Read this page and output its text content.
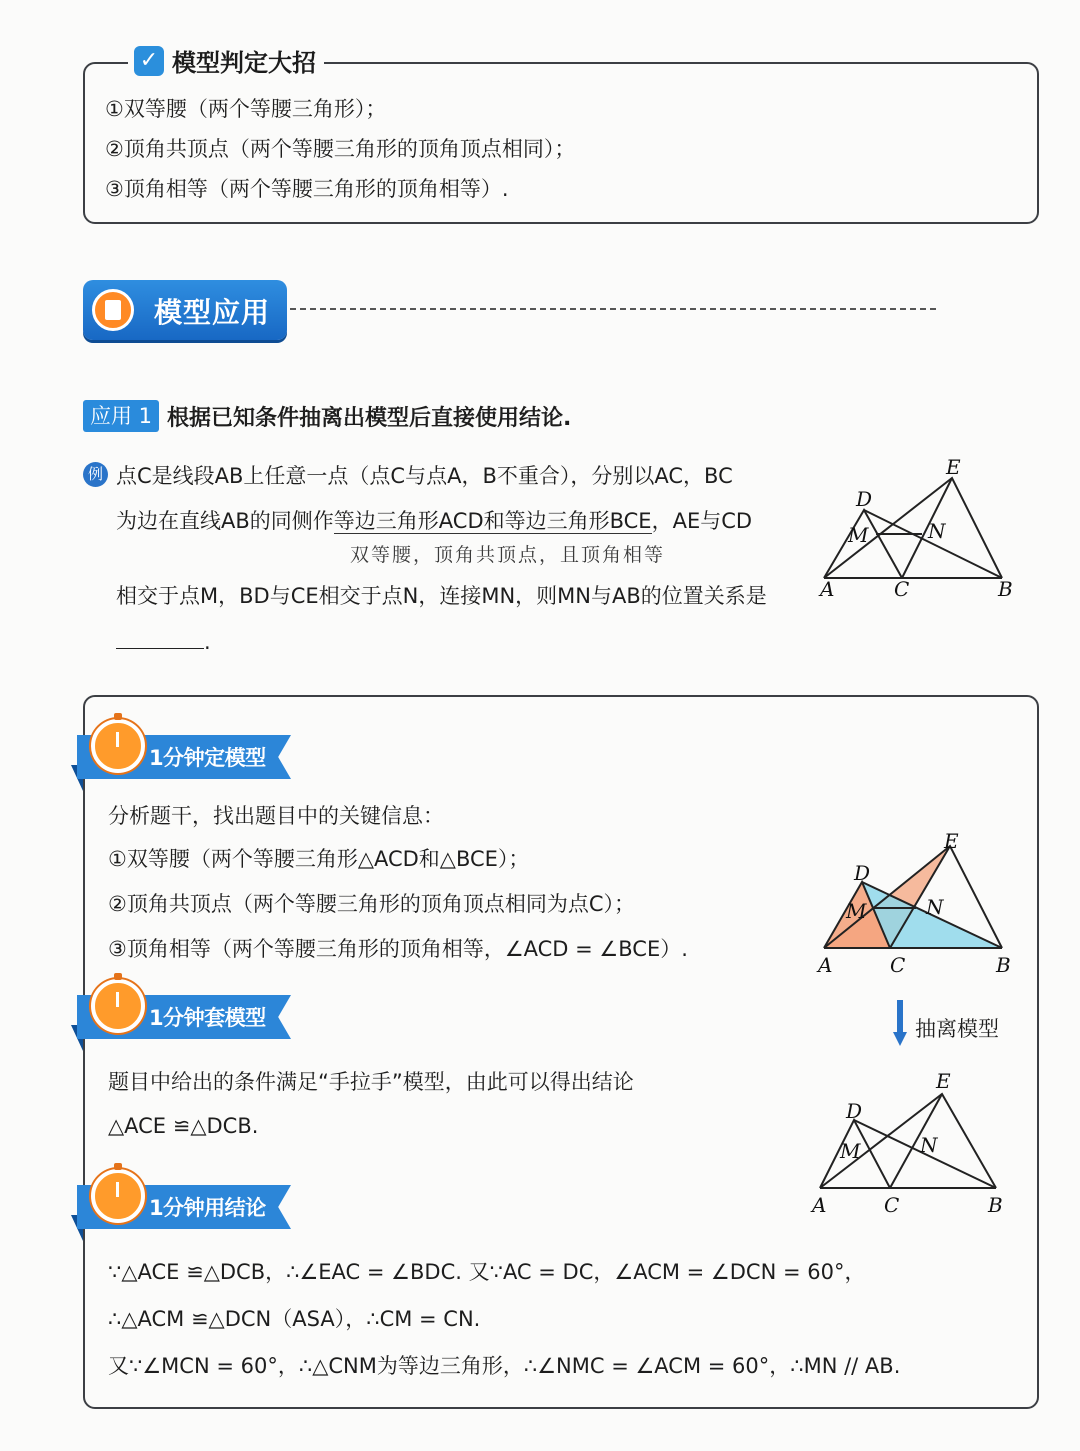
✓ 模型判定大招
①双等腰（两个等腰三角形）；
②顶角共顶点（两个等腰三角形的顶角顶点相同）；
③顶角相等（两个等腰三角形的顶角相等）.
模型应用
应用 1 根据已知条件抽离出模型后直接使用结论.
例 点C是线段AB上任意一点（点C与点A，B不重合），分别以AC，BC
为边在直线AB的同侧作等边三角形ACD和等边三角形BCE，AE与CD
双等腰，顶角共顶点，且顶角相等
相交于点M，BD与CE相交于点N，连接MN，则MN与AB的位置关系是
.
A	C	B
D
E
M	N
1分钟定模型
分析题干，找出题目中的关键信息：
①双等腰（两个等腰三角形△ACD和△BCE）；
②顶角共顶点（两个等腰三角形的顶角顶点相同为点C）；
③顶角相等（两个等腰三角形的顶角相等，∠ACD = ∠BCE）.
A	C	B
D
E
M	N
抽离模型
1分钟套模型
题目中给出的条件满足“手拉手”模型，由此可以得出结论
△ACE ≌△DCB.
A	C	B
D
E
M	N
1分钟用结论
∵△ACE ≌△DCB，∴∠EAC = ∠BDC. 又∵AC = DC，∠ACM = ∠DCN = 60°，
∴△ACM ≌△DCN（ASA），∴CM = CN.
又∵∠MCN = 60°，∴△CNM为等边三角形，∴∠NMC = ∠ACM = 60°，∴MN // AB.
